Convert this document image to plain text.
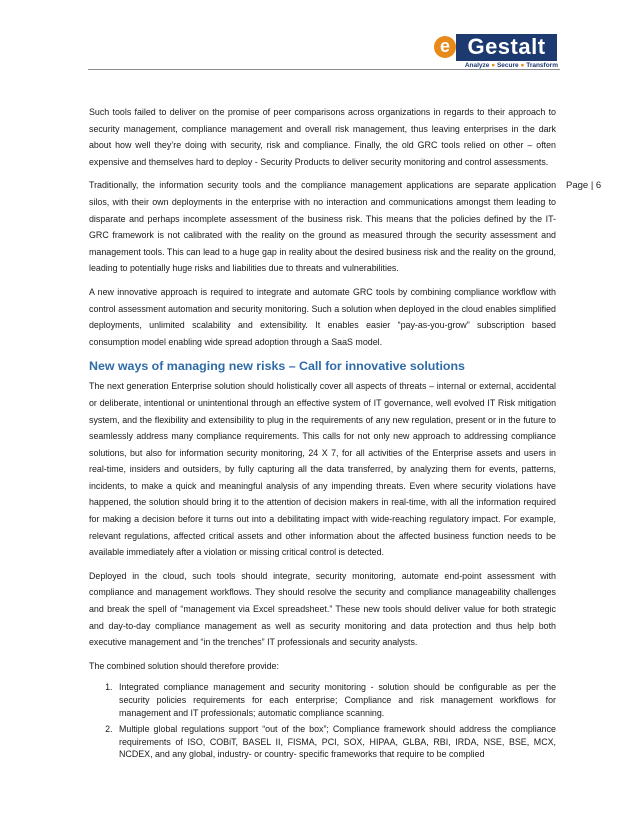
e Gestalt
Analyze ● Secure ● Transform
Page | 6

Such tools failed to deliver on the promise of peer comparisons across organizations in regards to their approach to security management, compliance management and overall risk management, thus leaving enterprises in the dark about how well they’re doing with security, risk and compliance. Finally, the old GRC tools relied on other – often expensive and themselves hard to deploy - Security Products to deliver security monitoring and control assessments.

Traditionally, the information security tools and the compliance management applications are separate application silos, with their own deployments in the enterprise with no interaction and communications amongst them leading to disparate and perhaps incomplete assessment of the business risk. This means that the policies defined by the IT-GRC framework is not calibrated with the reality on the ground as measured through the security assessment and management tools. This can lead to a huge gap in reality about the desired business risk and the reality on the ground, leading to potentially huge risks and liabilities due to threats and vulnerabilities.

A new innovative approach is required to integrate and automate GRC tools by combining compliance workflow with control assessment automation and security monitoring. Such a solution when deployed in the cloud enables simplified deployments, unlimited scalability and extensibility. It enables easier “pay-as-you-grow” subscription based consumption model enabling wide spread adoption through a SaaS model.

New ways of managing new risks – Call for innovative solutions

The next generation Enterprise solution should holistically cover all aspects of threats – internal or external, accidental or deliberate, intentional or unintentional through an effective system of IT governance, well evolved IT Risk mitigation system, and the flexibility and extensibility to plug in the requirements of any new regulation, present or in the future to seamlessly address many compliance requirements. This calls for not only new approach to addressing compliance solutions, but also for information security monitoring, 24 X 7, for all activities of the Enterprise assets and users in real-time, insiders and outsiders, by fully capturing all the data transferred, by analyzing them for events, patterns, incidents, to make a quick and meaningful analysis of any impending threats. Even where security violations have happened, the solution should bring it to the attention of decision makers in real-time, with all the information required for making a decision before it turns out into a debilitating impact with wide-reaching regulatory impact. For example, relevant regulations, affected critical assets and other information about the affected business function needs to be available immediately after a violation or missing critical control is detected.

Deployed in the cloud, such tools should integrate, security monitoring, automate end-point assessment with compliance and management workflows. They should resolve the security and compliance manageability challenges and break the spell of “management via Excel spreadsheet.” These new tools should deliver value for both strategic and day-to-day compliance management as well as security monitoring and data protection and thus help both executive management and “in the trenches” IT professionals and security analysts.

The combined solution should therefore provide:

1. Integrated compliance management and security monitoring - solution should be configurable as per the security policies requirements for each enterprise; Compliance and risk management workflows for management and IT professionals; automatic compliance scanning.
2. Multiple global regulations support “out of the box”; Compliance framework should address the compliance requirements of ISO, COBiT, BASEL II, FISMA, PCI, SOX, HIPAA, GLBA, RBI, IRDA, NSE, BSE, MCX, NCDEX, and any global, industry- or country- specific frameworks that require to be complied
